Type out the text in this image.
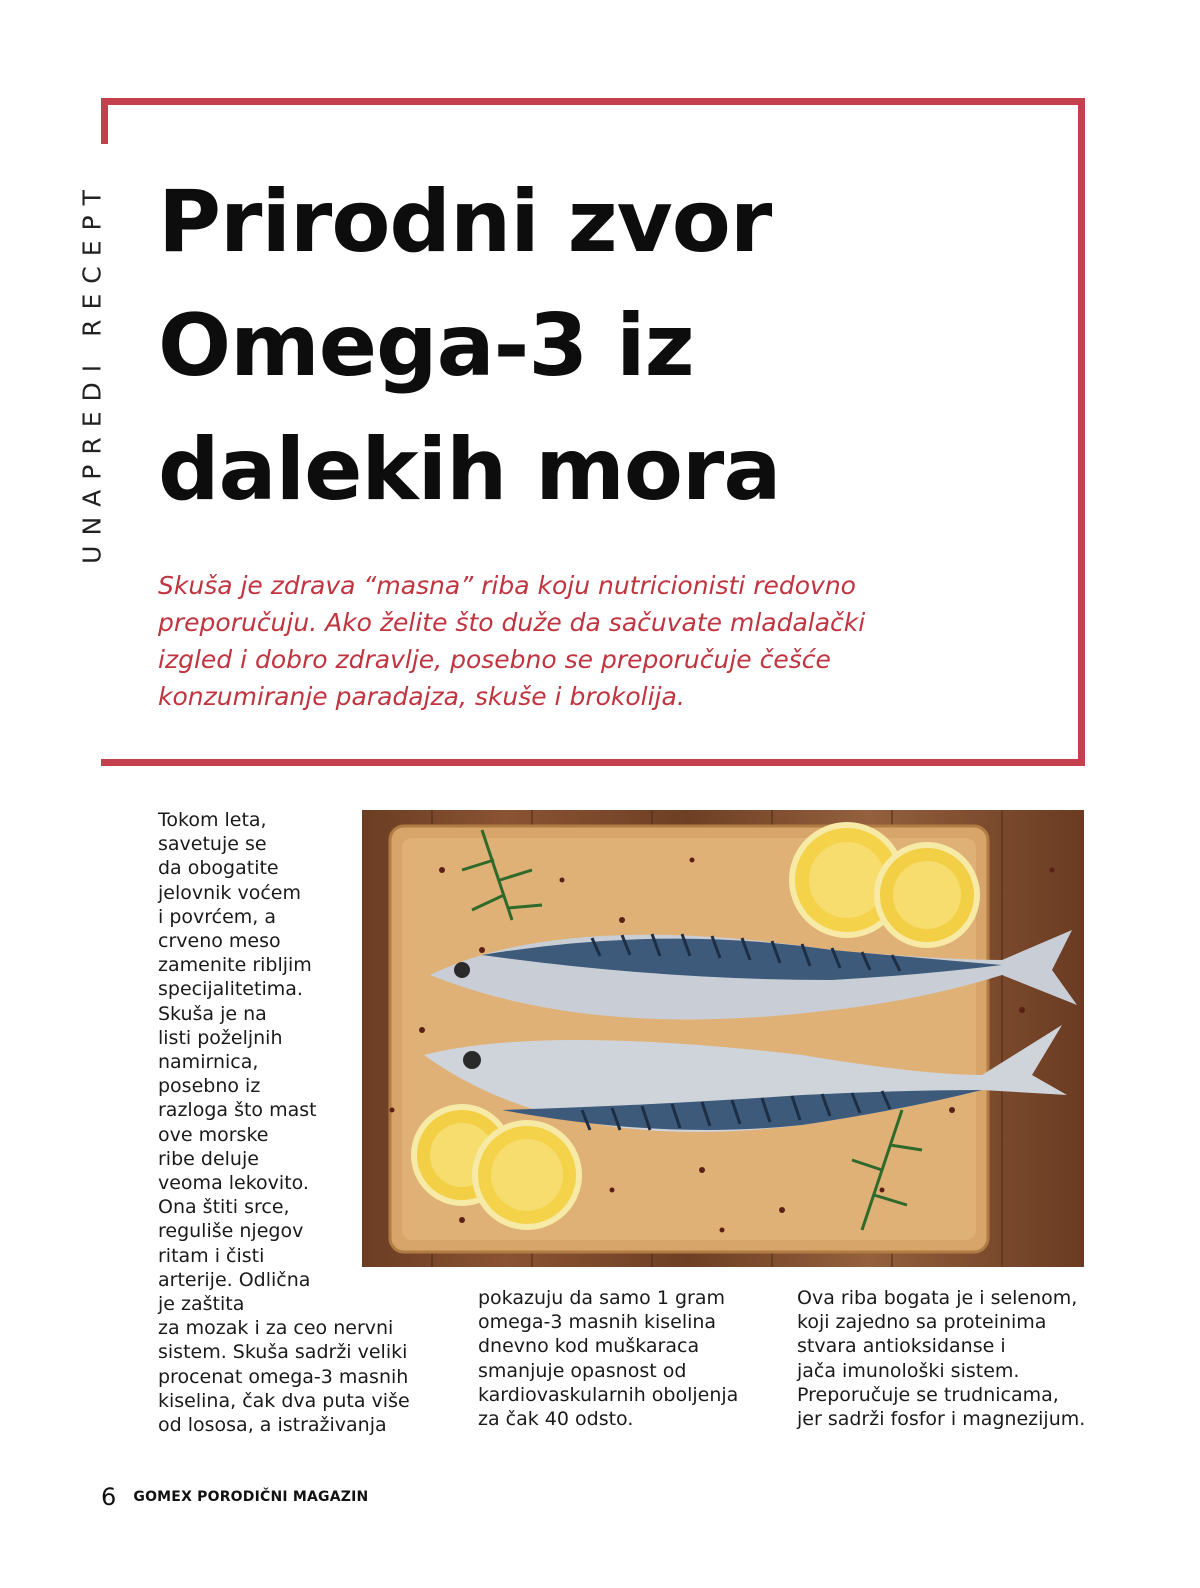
UNAPREDI RECEPT Prirodni zvor
Omega-3 iz
dalekih mora
Skuša je zdrava “masna” riba koju nutricionisti redovno
preporučuju. Ako želite što duže da sačuvate mladalački
izgled i dobro zdravlje, posebno se preporučuje češće
konzumiranje paradajza, skuše i brokolija.
Tokom leta,
savetuje se
da obogatite
jelovnik voćem
i povrćem, a
crveno meso
zamenite ribljim
specijalitetima.
Skuša je na
listi poželjnih
namirnica,
posebno iz
razloga što mast
ove morske
ribe deluje
veoma lekovito.
Ona štiti srce,
reguliše njegov
ritam i čisti
arterije. Odlična
je zaštita
za mozak i za ceo nervni
sistem. Skuša sadrži veliki
procenat omega-3 masnih
kiselina, čak dva puta više
od lososa, a istraživanja
pokazuju da samo 1 gram
omega-3 masnih kiselina
dnevno kod muškaraca
smanjuje opasnost od
kardiovaskularnih oboljenja
za čak 40 odsto.
Ova riba bogata je i selenom,
koji zajedno sa proteinima
stvara antioksidanse i
jača imunološki sistem.
Preporučuje se trudnicama,
jer sadrži fosfor i magnezijum.
6 GOMEX PORODIČNI MAGAZIN
